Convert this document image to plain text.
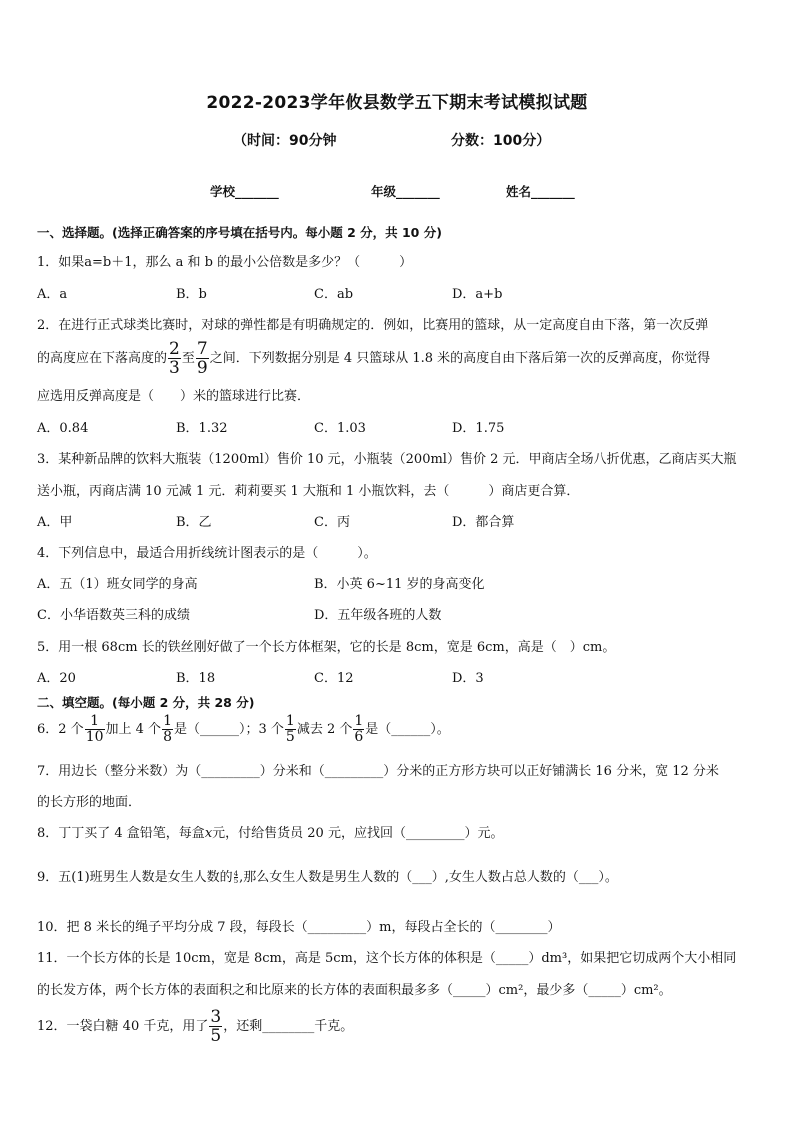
2022-2023学年攸县数学五下期末考试模拟试题
（时间：90分钟	分数：100分）
学校_______	年级_______	姓名_______
一、选择题。(选择正确答案的序号填在括号内。每小题 2 分，共 10 分)
1．如果a=b＋1，那么 a 和 b 的最小公倍数是多少？（　　　）
A．a	B．b	C．ab	D．a+b
2．在进行正式球类比赛时，对球的弹性都是有明确规定的．例如，比赛用的篮球，从一定高度自由下落，第一次反弹
的高度应在下落高度的 $\frac{2}{3}$ 至 $\frac{7}{9}$ 之间．下列数据分别是 4 只篮球从 1.8 米的高度自由下落后第一次的反弹高度，你觉得
应选用反弹高度是（　　）米的篮球进行比赛．
A．0.84	B．1.32	C．1.03	D．1.75
3．某种新品牌的饮料大瓶装（1200ml）售价 10 元，小瓶装（200ml）售价 2 元．甲商店全场八折优惠，乙商店买大瓶
送小瓶，丙商店满 10 元减 1 元．莉莉要买 1 大瓶和 1 小瓶饮料，去（　　　）商店更合算．
A．甲	B．乙	C．丙	D．都合算
4．下列信息中，最适合用折线统计图表示的是（　　　）。
A．五（1）班女同学的身高	B．小英 6~11 岁的身高变化
C．小华语数英三科的成绩	D．五年级各班的人数
5．用一根 68cm 长的铁丝刚好做了一个长方体框架，它的长是 8cm，宽是 6cm，高是（　）cm。
A．20	B．18	C．12	D．3
二、填空题。(每小题 2 分，共 28 分)
6．2 个 $\frac{1}{10}$ 加上 4 个 $\frac{1}{8}$ 是（______）；3 个 $\frac{1}{5}$ 减去 2 个 $\frac{1}{6}$ 是（______）。
7．用边长（整分米数）为（_________）分米和（_________）分米的正方形方块可以正好铺满长 16 分米，宽 12 分米
的长方形的地面．
8．丁丁买了 4 盒铅笔，每盒x元，付给售货员 20 元，应找回（_________）元。
9．五(1)班男生人数是女生人数的 $\frac{4}{5}$ ,那么女生人数是男生人数的（___）,女生人数占总人数的（___）。
10．把 8 米长的绳子平均分成 7 段，每段长（_________）m，每段占全长的（________）
11．一个长方体的长是 10cm，宽是 8cm，高是 5cm，这个长方体的体积是（_____）dm³，如果把它切成两个大小相同
的长发方体，两个长方体的表面积之和比原来的长方体的表面积最多多（_____）cm²，最少多（_____）cm²。
12．一袋白糖 40 千克，用了 $\frac{3}{5}$ ，还剩________千克。
